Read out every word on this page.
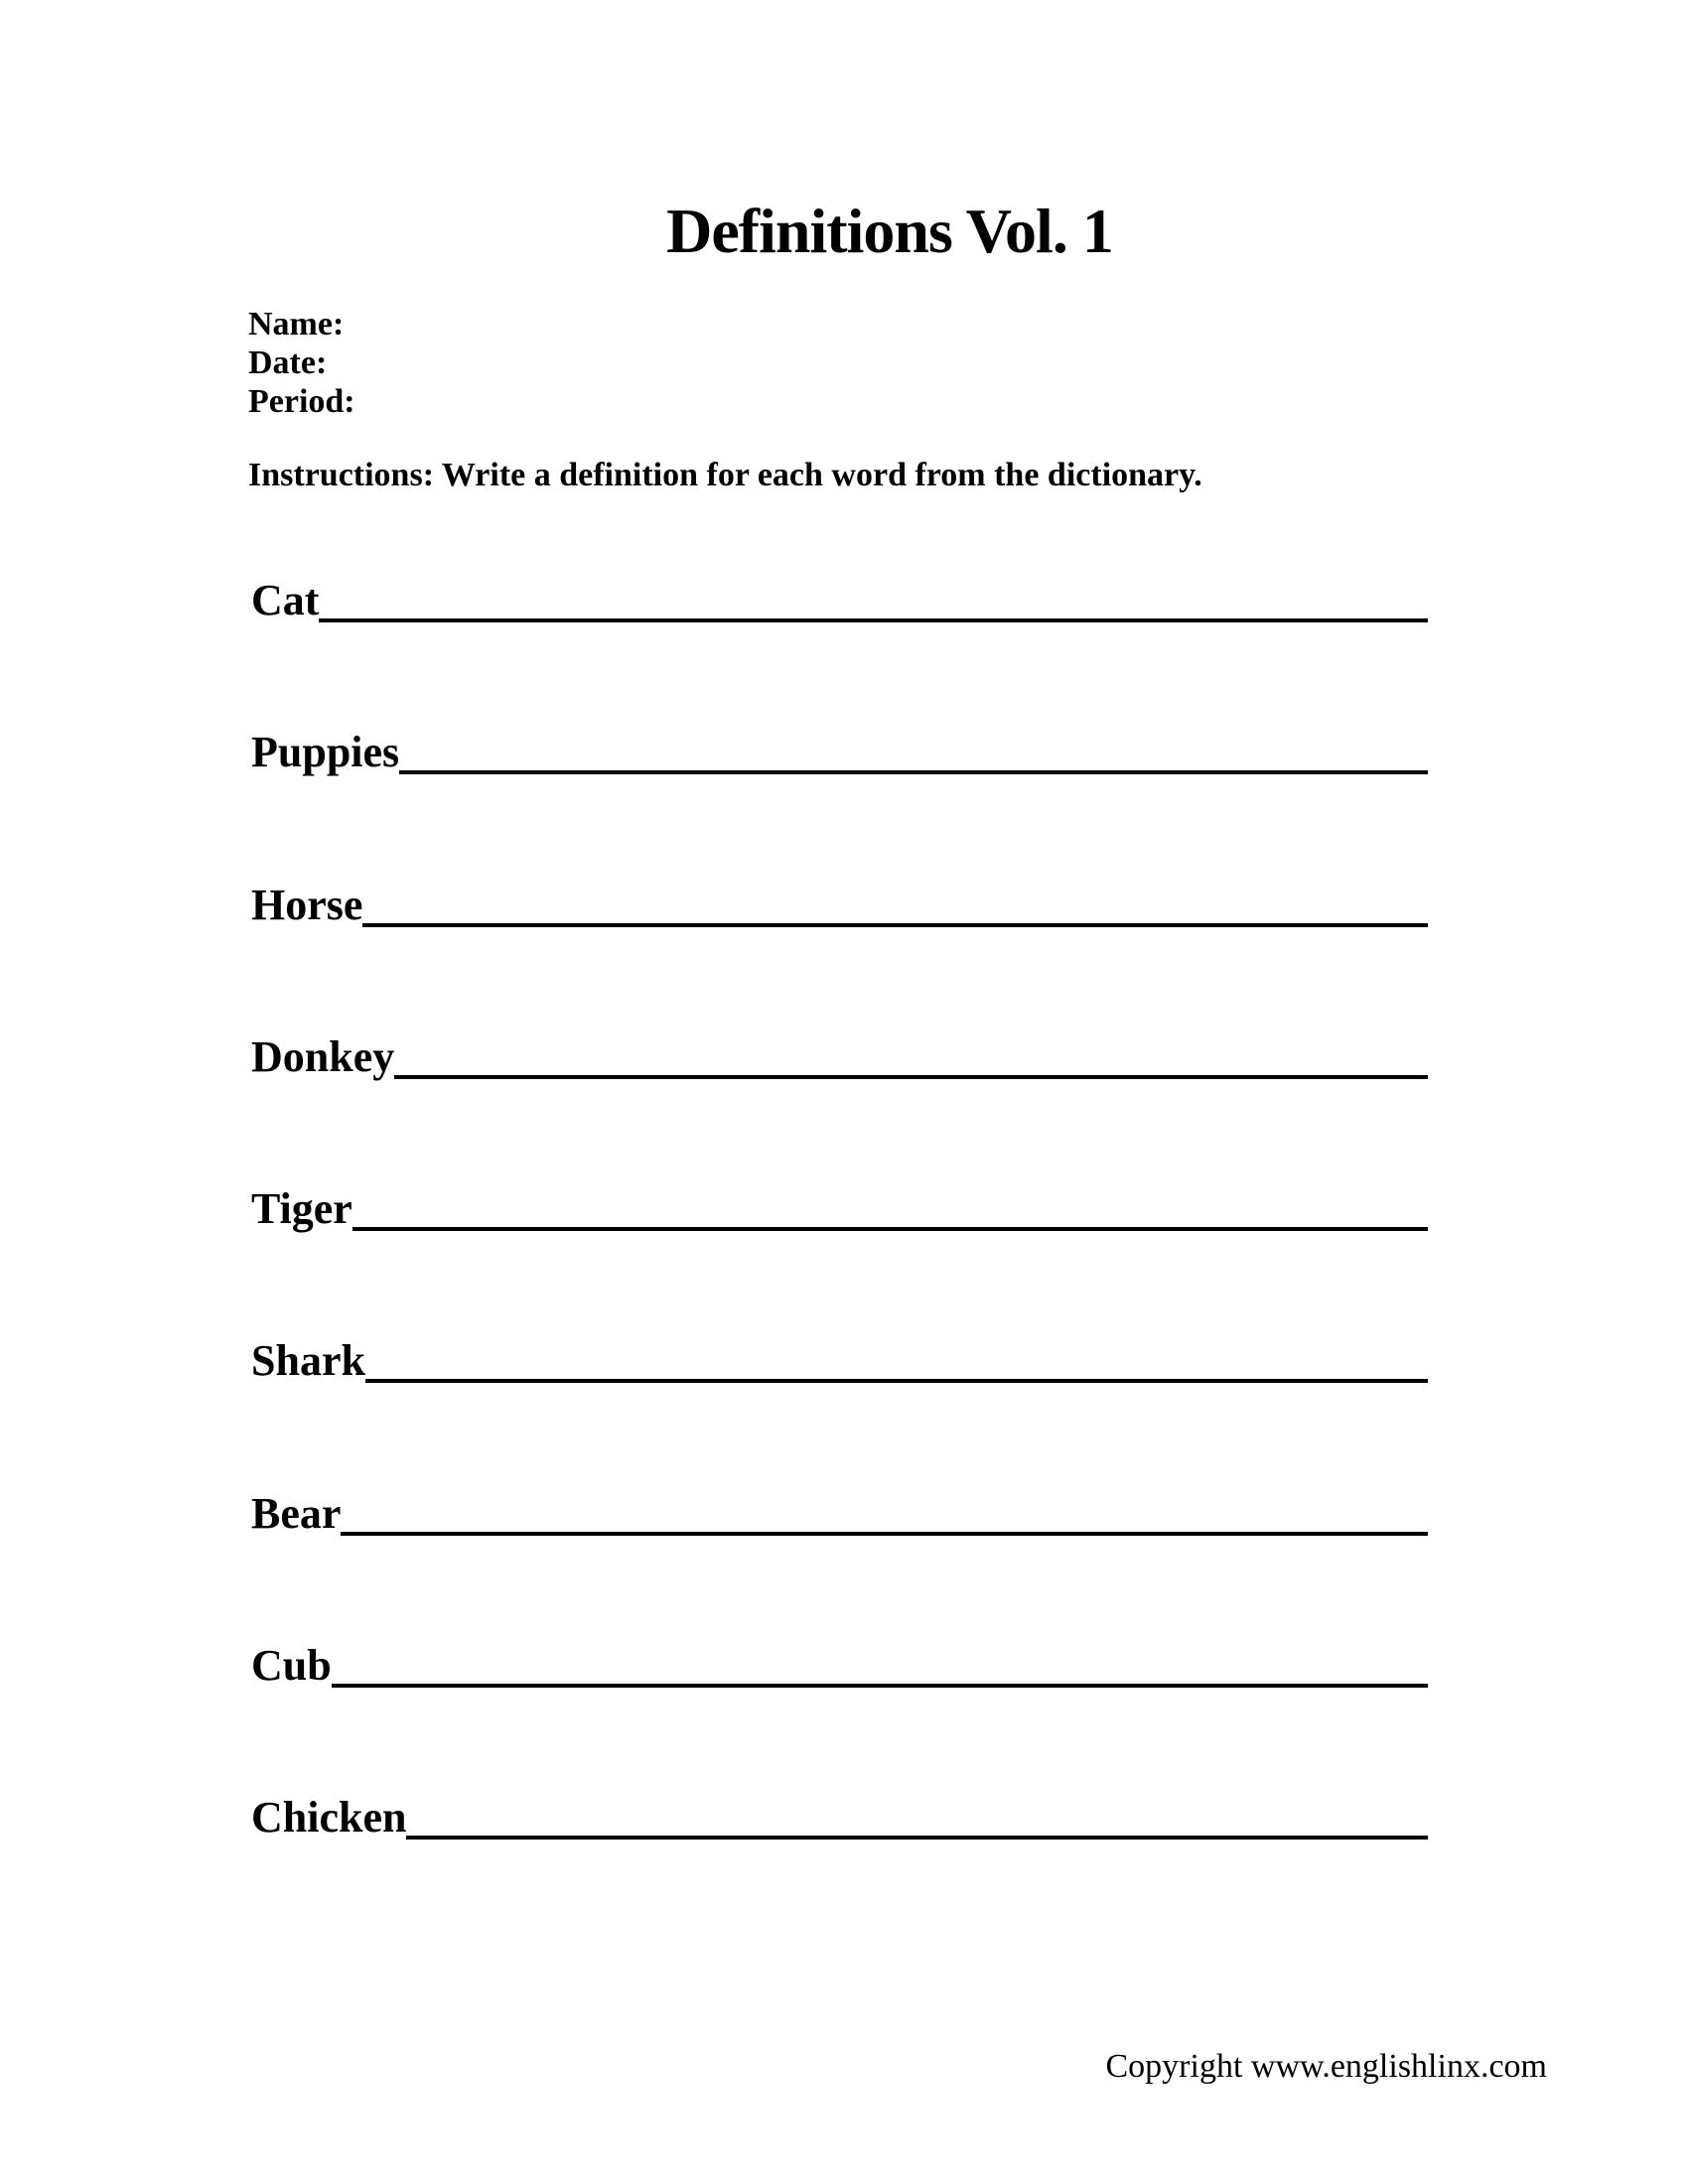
Definitions Vol. 1
Name:
Date:
Period:
Instructions: Write a definition for each word from the dictionary.
Cat
Puppies
Horse
Donkey
Tiger
Shark
Bear
Cub
Chicken
Copyright www.englishlinx.com
